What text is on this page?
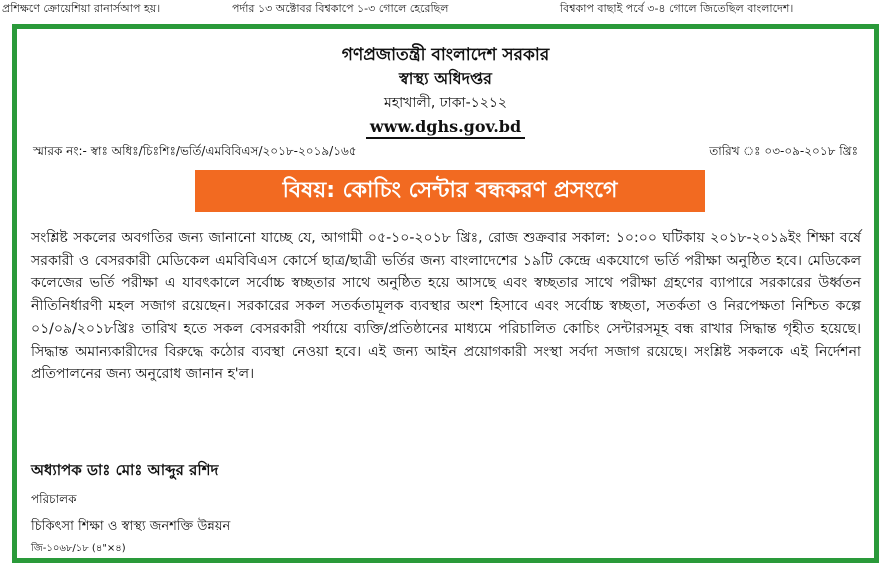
প্রশিক্ষণে ক্রোয়েশিয়া রানার্সআপ হয়।	পর্দার ১৩ অক্টোবর বিশ্বকাপে ১-৩ গোলে হেরেছিল	বিশ্বকাপ বাছাই পর্বে ৩-৪ গোলে জিতেছিল বাংলাদেশ।
গণপ্রজাতন্ত্রী বাংলাদেশ সরকার
স্বাস্থ্য অধিদপ্তর
মহাখালী, ঢাকা-১২১২
www.dghs.gov.bd
স্মারক নং:- স্বাঃ অধিঃ/চিঃশিঃ/ভর্তি/এমবিবিএস/২০১৮-২০১৯/১৬৫	তারিখ ঃ ০৩-০৯-২০১৮ খ্রিঃ
বিষয়: কোচিং সেন্টার বন্ধকরণ প্রসংগে
সংশ্লিষ্ট সকলের অবগতির জন্য জানানো যাচ্ছে যে, আগামী ০৫-১০-২০১৮ খ্রিঃ, রোজ শুক্রবার সকাল: ১০:০০ ঘটিকায় ২০১৮-২০১৯ইং শিক্ষা বর্ষে সরকারী ও বেসরকারী মেডিকেল এমবিবিএস কোর্সে ছাত্র/ছাত্রী ভর্তির জন্য বাংলাদেশের ১৯টি কেন্দ্রে একযোগে ভর্তি পরীক্ষা অনুষ্ঠিত হবে। মেডিকেল কলেজের ভর্তি পরীক্ষা এ যাবৎকালে সর্বোচ্চ স্বচ্ছতার সাথে অনুষ্ঠিত হয়ে আসছে এবং স্বচ্ছতার সাথে পরীক্ষা গ্রহণের ব্যাপারে সরকারের উর্ধ্বতন নীতিনির্ধারণী মহল সজাগ রয়েছেন। সরকারের সকল সতর্কতামূলক ব্যবস্থার অংশ হিসাবে এবং সর্বোচ্চ স্বচ্ছতা, সতর্কতা ও নিরপেক্ষতা নিশ্চিত কল্পে ০১/০৯/২০১৮খ্রিঃ তারিখ হতে সকল বেসরকারী পর্যায়ে ব্যক্তি/প্রতিষ্ঠানের মাধ্যমে পরিচালিত কোচিং সেন্টারসমূহ বন্ধ রাখার সিদ্ধান্ত গৃহীত হয়েছে। সিদ্ধান্ত অমান্যকারীদের বিরুদ্ধে কঠোর ব্যবস্থা নেওয়া হবে। এই জন্য আইন প্রয়োগকারী সংস্থা সর্বদা সজাগ রয়েছে। সংশ্লিষ্ট সকলকে এই নির্দেশনা প্রতিপালনের জন্য অনুরোধ জানান হ'ল।
অধ্যাপক ডাঃ মোঃ আব্দুর রশিদ
পরিচালক
চিকিৎসা শিক্ষা ও স্বাস্থ্য জনশক্তি উন্নয়ন
জি-১০৬৮/১৮ (৪"×৪)
